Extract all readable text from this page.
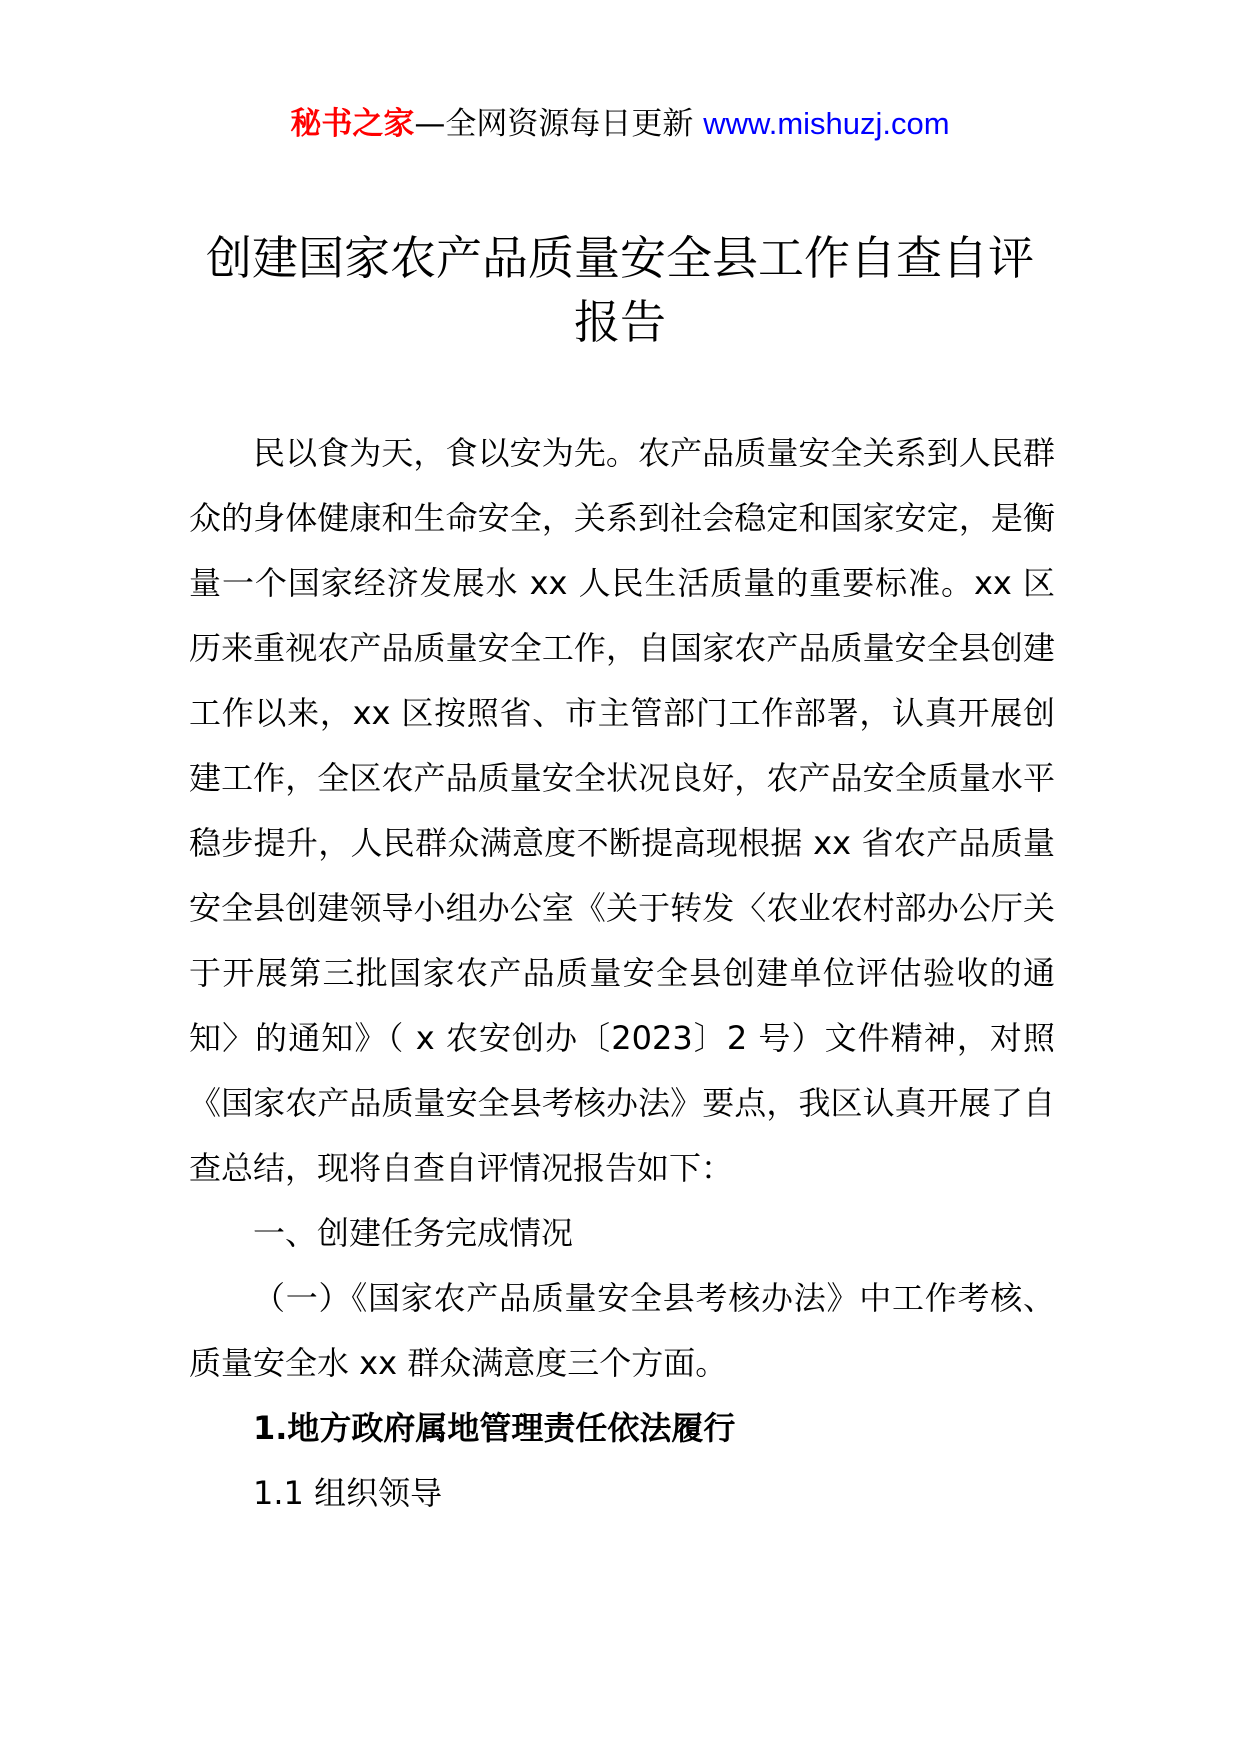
秘书之家—全网资源每日更新 www.mishuzj.com
创建国家农产品质量安全县工作自查自评报告

民以食为天，食以安为先。农产品质量安全关系到人民群众的身体健康和生命安全，关系到社会稳定和国家安定，是衡量一个国家经济发展水 xx 人民生活质量的重要标准。xx 区历来重视农产品质量安全工作，自国家农产品质量安全县创建工作以来，xx 区按照省、市主管部门工作部署，认真开展创建工作，全区农产品质量安全状况良好，农产品安全质量水平稳步提升，人民群众满意度不断提高现根据 xx 省农产品质量安全县创建领导小组办公室《关于转发〈农业农村部办公厅关于开展第三批国家农产品质量安全县创建单位评估验收的通知〉的通知》（ x 农安创办〔2023〕2 号）文件精神，对照《国家农产品质量安全县考核办法》要点，我区认真开展了自查总结，现将自查自评情况报告如下：

一、创建任务完成情况

（一）《国家农产品质量安全县考核办法》中工作考核、质量安全水 xx 群众满意度三个方面。

1.地方政府属地管理责任依法履行

1.1 组织领导
